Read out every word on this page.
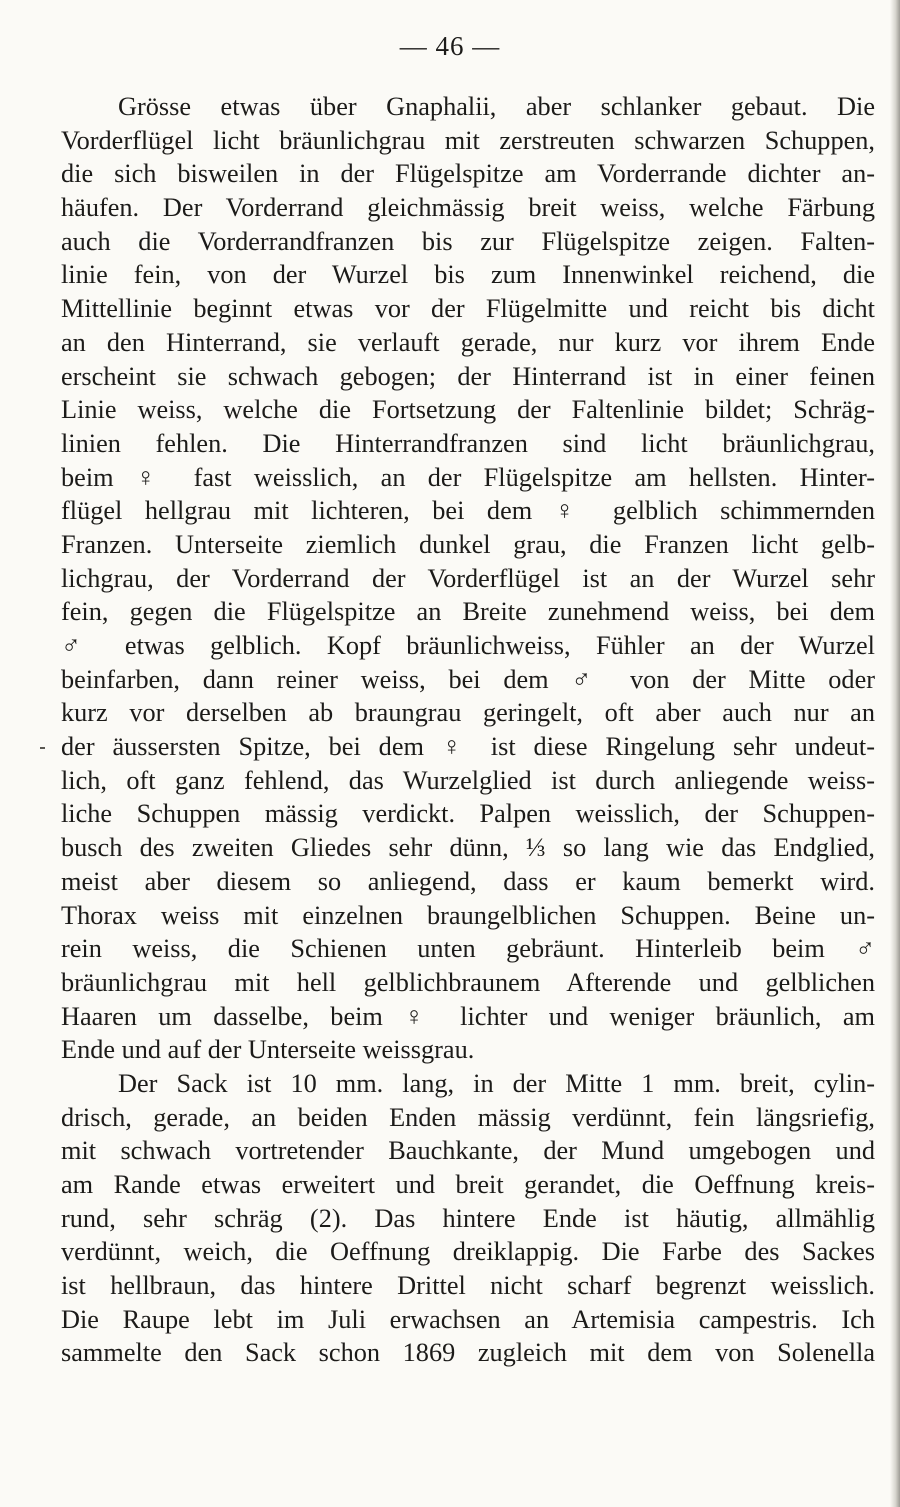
— 46 —
Grösse etwas über Gnaphalii, aber schlanker gebaut. Die
Vorderflügel licht bräunlichgrau mit zerstreuten schwarzen Schuppen,
die sich bisweilen in der Flügelspitze am Vorderrande dichter an-
häufen. Der Vorderrand gleichmässig breit weiss, welche Färbung
auch die Vorderrandfranzen bis zur Flügelspitze zeigen. Falten-
linie fein, von der Wurzel bis zum Innenwinkel reichend, die
Mittellinie beginnt etwas vor der Flügelmitte und reicht bis dicht
an den Hinterrand, sie verlauft gerade, nur kurz vor ihrem Ende
erscheint sie schwach gebogen; der Hinterrand ist in einer feinen
Linie weiss, welche die Fortsetzung der Faltenlinie bildet; Schräg-
linien fehlen. Die Hinterrandfranzen sind licht bräunlichgrau,
beim ♀ fast weisslich, an der Flügelspitze am hellsten. Hinter-
flügel hellgrau mit lichteren, bei dem ♀ gelblich schimmernden
Franzen. Unterseite ziemlich dunkel grau, die Franzen licht gelb-
lichgrau, der Vorderrand der Vorderflügel ist an der Wurzel sehr
fein, gegen die Flügelspitze an Breite zunehmend weiss, bei dem
♂ etwas gelblich. Kopf bräunlichweiss, Fühler an der Wurzel
beinfarben, dann reiner weiss, bei dem ♂ von der Mitte oder
kurz vor derselben ab braungrau geringelt, oft aber auch nur an
der äussersten Spitze, bei dem ♀ ist diese Ringelung sehr undeut-
lich, oft ganz fehlend, das Wurzelglied ist durch anliegende weiss-
liche Schuppen mässig verdickt. Palpen weisslich, der Schuppen-
busch des zweiten Gliedes sehr dünn, ⅓ so lang wie das Endglied,
meist aber diesem so anliegend, dass er kaum bemerkt wird.
Thorax weiss mit einzelnen braungelblichen Schuppen. Beine un-
rein weiss, die Schienen unten gebräunt. Hinterleib beim ♂
bräunlichgrau mit hell gelblichbraunem Afterende und gelblichen
Haaren um dasselbe, beim ♀ lichter und weniger bräunlich, am
Ende und auf der Unterseite weissgrau.
Der Sack ist 10 mm. lang, in der Mitte 1 mm. breit, cylin-
drisch, gerade, an beiden Enden mässig verdünnt, fein längsriefig,
mit schwach vortretender Bauchkante, der Mund umgebogen und
am Rande etwas erweitert und breit gerandet, die Oeffnung kreis-
rund, sehr schräg (2). Das hintere Ende ist häutig, allmählig
verdünnt, weich, die Oeffnung dreiklappig. Die Farbe des Sackes
ist hellbraun, das hintere Drittel nicht scharf begrenzt weisslich.
Die Raupe lebt im Juli erwachsen an Artemisia campestris. Ich
sammelte den Sack schon 1869 zugleich mit dem von Solenella
